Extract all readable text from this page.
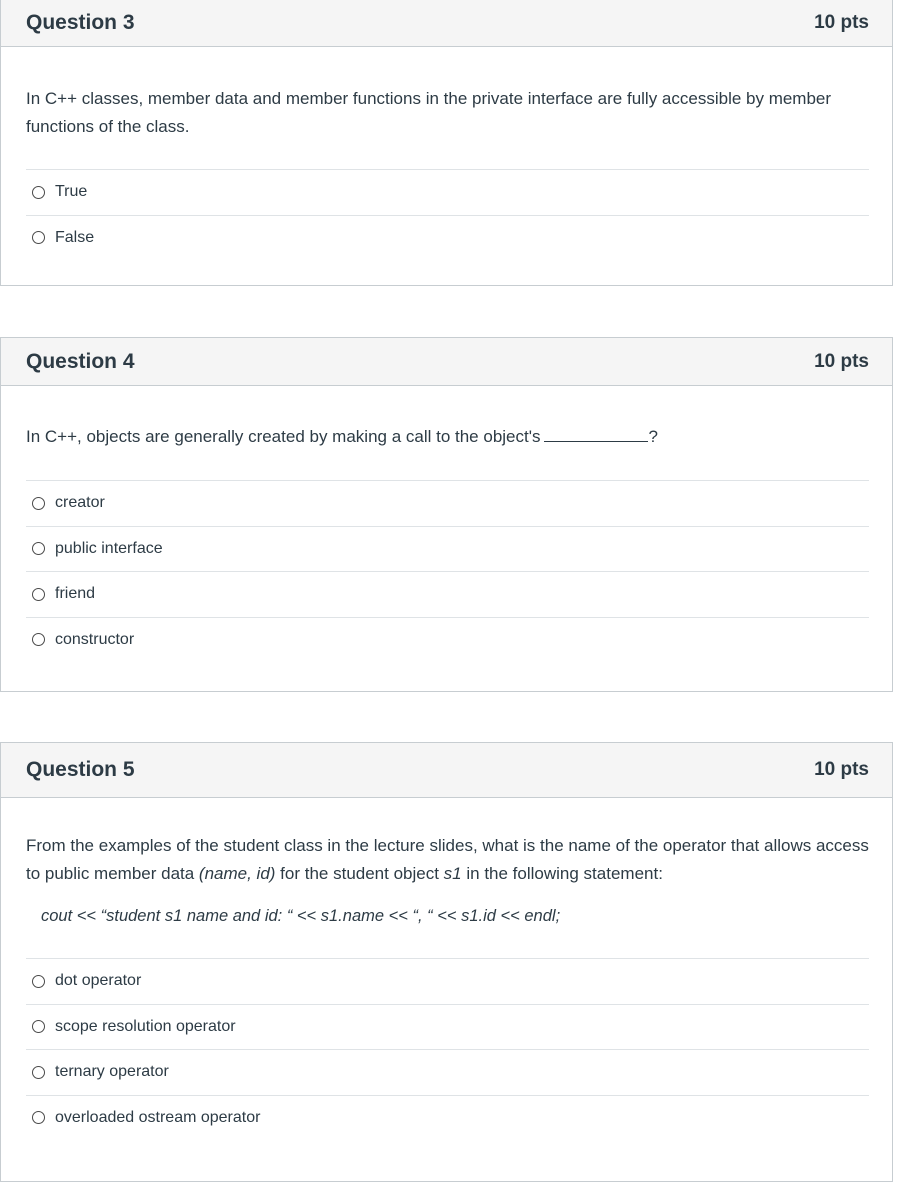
Question 3	10 pts
In C++ classes, member data and member functions in the private interface are fully accessible by member functions of the class.
True
False
Question 4	10 pts
In C++, objects are generally created by making a call to the object's	?
creator
public interface
friend
constructor
Question 5	10 pts
From the examples of the student class in the lecture slides, what is the name of the operator that allows access to public member data (name, id) for the student object s1 in the following statement:
cout << “student s1 name and id: “ << s1.name << “, “ << s1.id << endl;
dot operator
scope resolution operator
ternary operator
overloaded ostream operator
